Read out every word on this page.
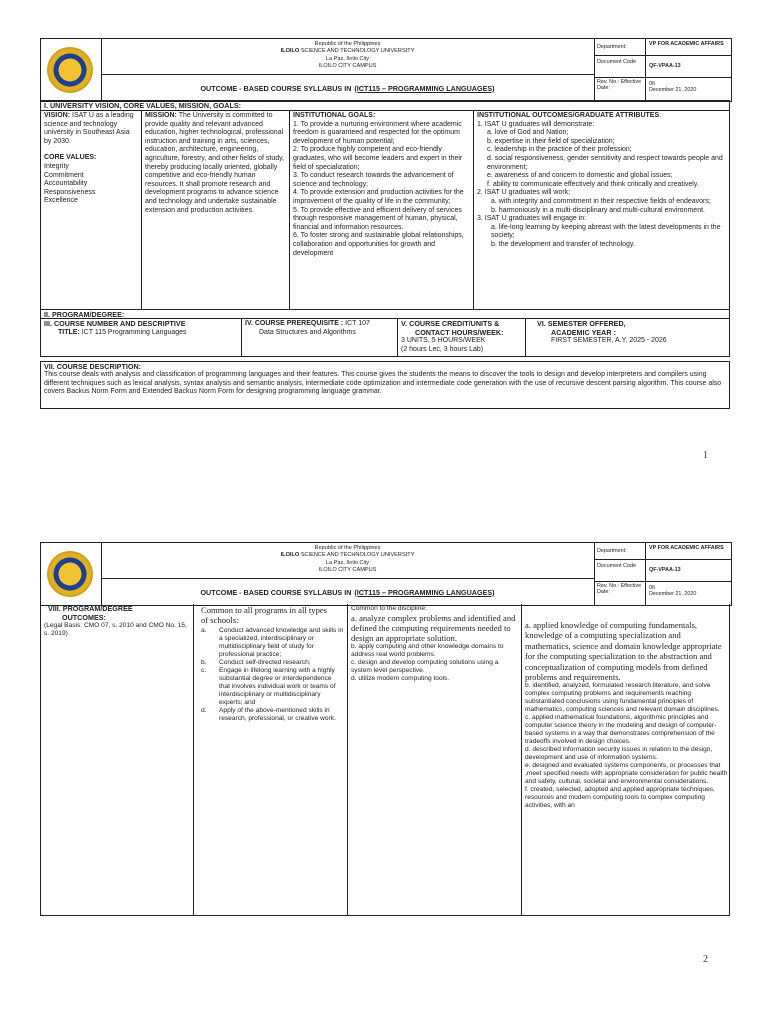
Republic of the Philippines
ILOILO SCIENCE AND TECHNOLOGY UNIVERSITY
La Paz, Iloilo City
ILOILO CITY CAMPUS
OUTCOME - BASED COURSE SYLLABUS IN (ICT115 – PROGRAMMING LANGUAGES)
Department:	VP FOR ACADEMIC AFFAIRS
Document Code
QF-VPAA-13
Rev. No.: Effective Date:
06
December 21, 2020
I. UNIVERSITY VISION, CORE VALUES, MISSION, GOALS:
VISION: ISAT U as a leading science and technology university in Southeast Asia by 2030.
CORE VALUES:
Integrity
Commitment
Accountability
Responsiveness
Excellence
MISSION: The University is committed to provide quality and relevant advanced education, higher technological, professional instruction and training in arts, sciences, education, architecture, engineering, agriculture, forestry, and other fields of study, thereby producing locally oriented, globally competitive and eco-friendly human resources. It shall promote research and development programs to advance science and technology and undertake sustainable extension and production activities.
INSTITUTIONAL GOALS:
1. To provide a nurturing environment where academic freedom is guaranteed and respected for the optimum development of human potential;
2. To produce highly competent and eco-friendly graduates, who will become leaders and expert in their field of specialization;
3. To conduct research towards the advancement of science and technology;
4. To provide extension and production activities for the improvement of the quality of life in the community;
5. To provide effective and efficient delivery of services through responsive management of human, physical, financial and information resources.
6. To foster strong and sustainable global relationships, collaboration and opportunities for growth and development
INSTITUTIONAL OUTCOMES/GRADUATE ATTRIBUTES:
1. ISAT U graduates will demonstrate:
a. love of God and Nation;
b. expertise in their field of specialization;
c. leadership in the practice of their profession;
d. social responsiveness, gender sensitivity and respect towards people and environment;
e. awareness of and concern to domestic and global issues;
f. ability to communicate effectively and think critically and creatively.
2. ISAT U graduates will work;
a. with integrity and commitment in their respective fields of endeavors;
b. harmoniously in a multi-disciplinary and multi-cultural environment.
3. ISAT U graduates will engage in:
a. life-long learning by keeping abreast with the latest developments in the society;
b. the development and transfer of technology.
II. PROGRAM/DEGREE:
III. COURSE NUMBER AND DESCRIPTIVE
TITLE: ICT 115 Programming Languages
IV. COURSE PREREQUISITE : ICT 107
Data Structures and Algorithms
V. COURSE CREDIT/UNITS &
CONTACT HOURS/WEEK:
3 UNITS, 5 HOURS/WEEK
(2 hours Lec, 3 hours Lab)
VI. SEMESTER OFFERED,
ACADEMIC YEAR :
FIRST SEMESTER, A.Y. 2025 - 2026
VII. COURSE DESCRIPTION:
This course deals with analysis and classification of programming languages and their features. This course gives the students the means to discover the tools to design and develop interpreters and compilers using different techniques such as lexical analysis, syntax analysis and semantic analysis, intermediate code optimization and intermediate code generation with the use of recursive descent parsing algorithm. This course also covers Backus Norm Form and Extended Backus Norm Form for designing programming language grammar.
1
Republic of the Philippines
ILOILO SCIENCE AND TECHNOLOGY UNIVERSITY
La Paz, Iloilo City
ILOILO CITY CAMPUS
OUTCOME - BASED COURSE SYLLABUS IN (ICT115 – PROGRAMMING LANGUAGES)
Department:	VP FOR ACADEMIC AFFAIRS
Document Code
QF-VPAA-13
Rev. No.: Effective Date:
06
December 21, 2020
VIII. PROGRAM/DEGREE
OUTCOMES:
(Legal Basis: CMO 07, s. 2010 and CMO No. 15, s. 2019)
Common to all programs in all types of schools:
a.	Conduct advanced knowledge and skills in a specialized, interdisciplinary or multidisciplinary field of study for professional practice;
b.	Conduct self-directed research;
c.	Engage in lifelong learning with a highly substantial degree or interdependence that involves individual work or teams of interdisciplinary or multidisciplinary experts; and
d.	Apply of the above-mentioned skills in research, professional, or creative work.
Common to the discipline:
a. analyze complex problems and identified and defined the computing requirements needed to design an appropriate solution.
b. apply computing and other knowledge domains to address real world problems.
c. design and develop computing solutions using a system level perspective.
d. utilize modern computing tools.
a. applied knowledge of computing fundamentals, knowledge of a computing specialization and mathematics, science and domain knowledge appropriate for the computing specialization to the abstraction and conceptualization of computing models from defined problems and requirements.
b. identified, analyzed, formulated research literature, and solve complex computing problems and requirements reaching substantiated conclusions using fundamental principles of mathematics, computing sciences and relevant domain disciplines.
c. applied mathematical foundations, algorithmic principles and computer science theory in the modeling and design of computer-based systems in a way that demonstrates comprehension of the tradeoffs involved in design choices.
d. described information security issues in relation to the design, development and use of information systems.
e. designed and evaluated systems components, or processes that ,meet specified needs with appropriate consideration for public health and safety, cultural, societal and environmental considerations.
f. created, selected, adopted and applied appropriate techniques, resources and modern computing tools to complex computing activities, with an
2
